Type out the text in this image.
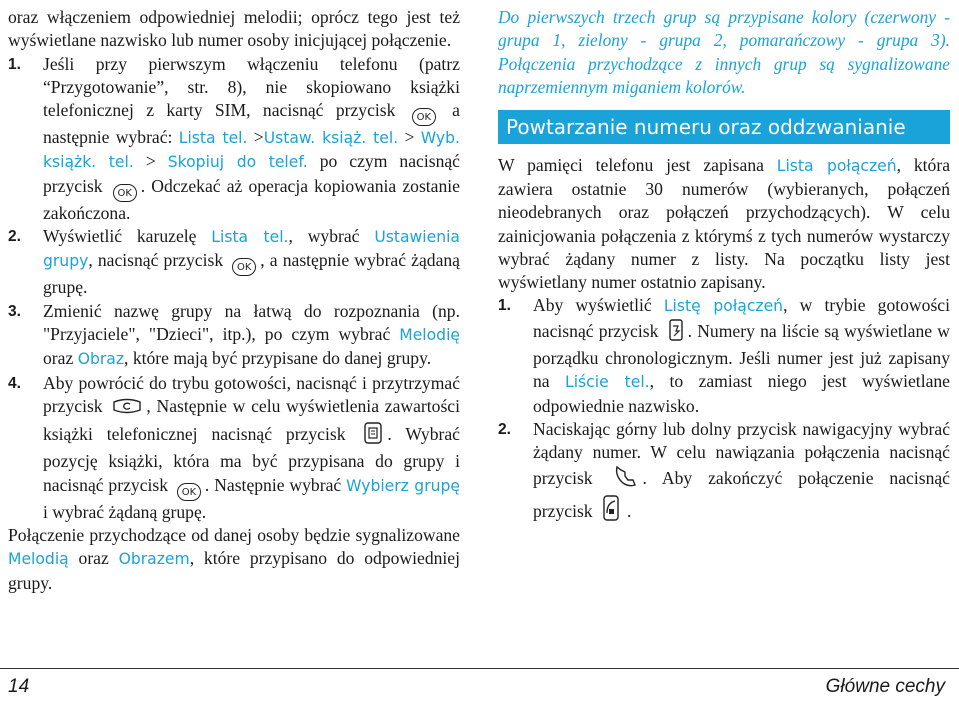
oraz włączeniem odpowiedniej melodii; oprócz tego jest też wyświetlane nazwisko lub numer osoby inicjującej połączenie.

1. Jeśli przy pierwszym włączeniu telefonu (patrz “Przygotowanie”, str. 8), nie skopiowano książki telefonicznej z karty SIM, nacisnąć przycisk OK a następnie wybrać: Lista tel. >Ustaw. książ. tel. > Wyb. książk. tel. > Skopiuj do telef. po czym nacisnąć przycisk OK . Odczekać aż operacja kopiowania zostanie zakończona.
2. Wyświetlić karuzelę Lista tel., wybrać Ustawienia grupy, nacisnąć przycisk OK , a następnie wybrać żądaną grupę.
3. Zmienić nazwę grupy na łatwą do rozpoznania (np. "Przyjaciele", "Dzieci", itp.), po czym wybrać Melodię oraz Obraz, które mają być przypisane do danej grupy.
4. Aby powrócić do trybu gotowości, nacisnąć i przytrzymać przycisk , Następnie w celu wyświetlenia zawartości książki telefonicznej nacisnąć przycisk . Wybrać pozycję książki, która ma być przypisana do grupy i nacisnąć przycisk OK . Następnie wybrać Wybierz grupę i wybrać żądaną grupę.

Połączenie przychodzące od danej osoby będzie sygnalizowane Melodią oraz Obrazem, które przypisano do odpowiedniej grupy.

Do pierwszych trzech grup są przypisane kolory (czerwony - grupa 1, zielony - grupa 2, pomarańczowy - grupa 3). Połączenia przychodzące z innych grup są sygnalizowane naprzemiennym miganiem kolorów.

Powtarzanie numeru oraz oddzwanianie

W pamięci telefonu jest zapisana Lista połączeń, która zawiera ostatnie 30 numerów (wybieranych, połączeń nieodebranych oraz połączeń przychodzących). W celu zainicjowania połączenia z którymś z tych numerów wystarczy wybrać żądany numer z listy. Na początku listy jest wyświetlany numer ostatnio zapisany.

1. Aby wyświetlić Listę połączeń, w trybie gotowości nacisnąć przycisk . Numery na liście są wyświetlane w porządku chronologicznym. Jeśli numer jest już zapisany na Liście tel., to zamiast niego jest wyświetlane odpowiednie nazwisko.
2. Naciskając górny lub dolny przycisk nawigacyjny wybrać żądany numer. W celu nawiązania połączenia nacisnąć przycisk	. Aby zakończyć połączenie nacisnąć przycisk .
14	Główne cechy
